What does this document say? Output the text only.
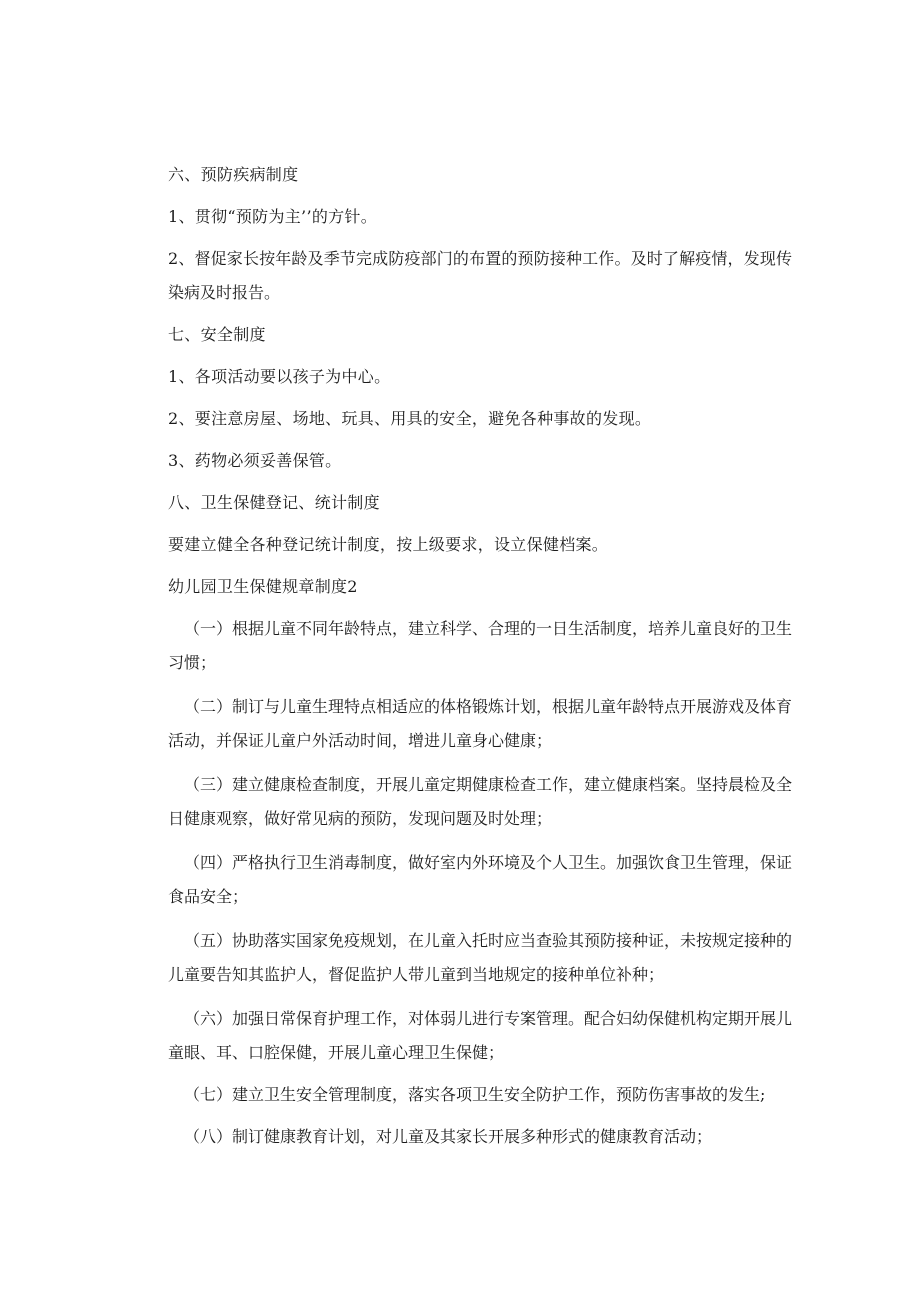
六、预防疾病制度

1、贯彻“预防为主’’的方针。

2、督促家长按年龄及季节完成防疫部门的布置的预防接种工作。及时了解疫情，发现传染病及时报告。

七、安全制度

1、各项活动要以孩子为中心。

2、要注意房屋、场地、玩具、用具的安全，避免各种事故的发现。

3、药物必须妥善保管。

八、卫生保健登记、统计制度

要建立健全各种登记统计制度，按上级要求，设立保健档案。

幼儿园卫生保健规章制度2

（一）根据儿童不同年龄特点，建立科学、合理的一日生活制度，培养儿童良好的卫生习惯；

（二）制订与儿童生理特点相适应的体格锻炼计划，根据儿童年龄特点开展游戏及体育活动，并保证儿童户外活动时间，增进儿童身心健康；

（三）建立健康检查制度，开展儿童定期健康检查工作，建立健康档案。坚持晨检及全日健康观察，做好常见病的预防，发现问题及时处理；

（四）严格执行卫生消毒制度，做好室内外环境及个人卫生。加强饮食卫生管理，保证食品安全；

（五）协助落实国家免疫规划，在儿童入托时应当查验其预防接种证，未按规定接种的儿童要告知其监护人，督促监护人带儿童到当地规定的接种单位补种；

（六）加强日常保育护理工作，对体弱儿进行专案管理。配合妇幼保健机构定期开展儿童眼、耳、口腔保健，开展儿童心理卫生保健；

（七）建立卫生安全管理制度，落实各项卫生安全防护工作，预防伤害事故的发生;

（八）制订健康教育计划，对儿童及其家长开展多种形式的健康教育活动；
